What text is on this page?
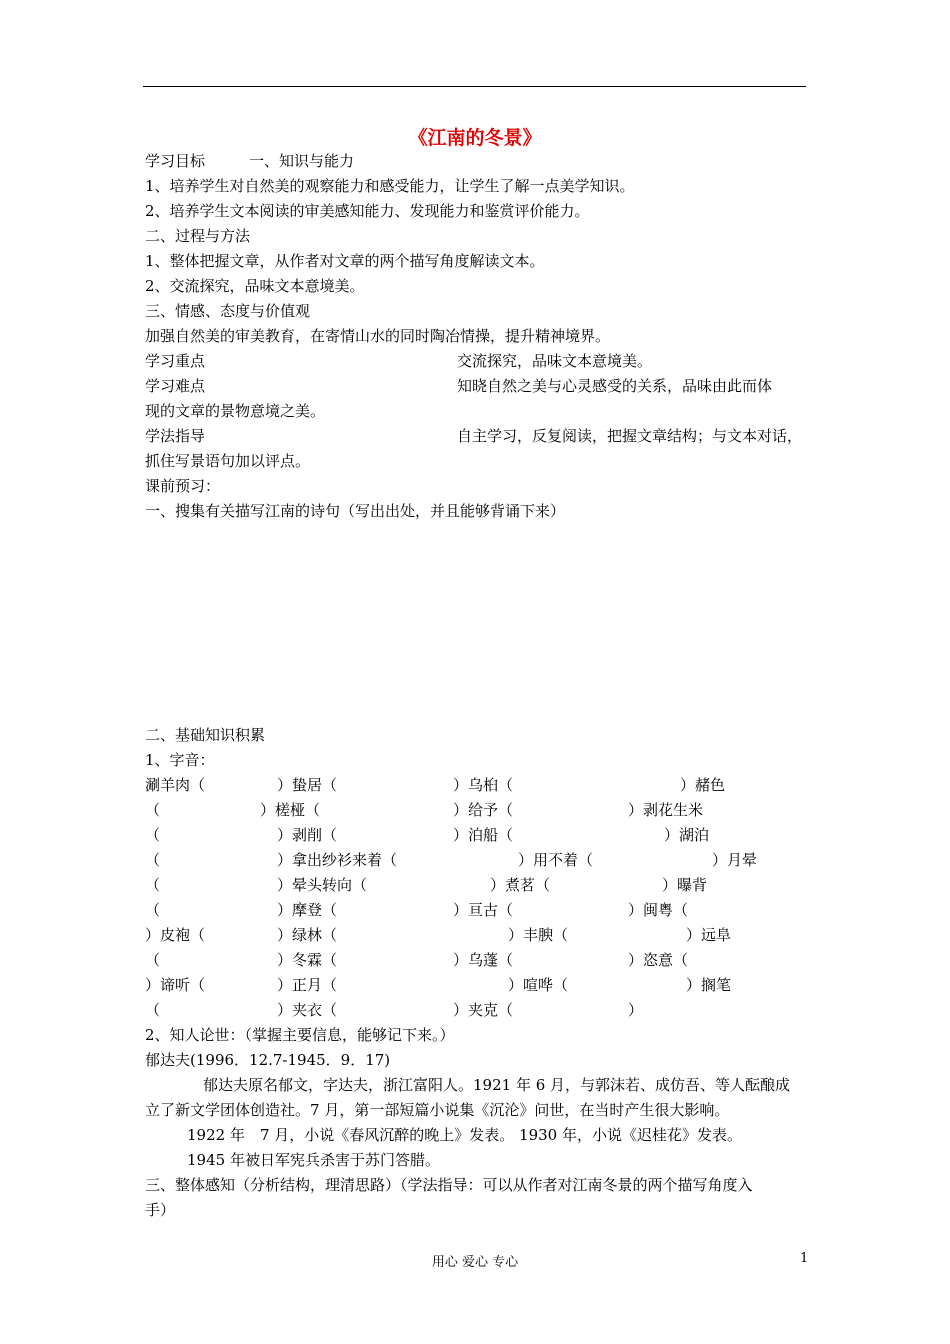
《江南的冬景》
学习目标	一、知识与能力
1、培养学生对自然美的观察能力和感受能力，让学生了解一点美学知识。
2、培养学生文本阅读的审美感知能力、发现能力和鉴赏评价能力。
二、过程与方法
1、整体把握文章，从作者对文章的两个描写角度解读文本。
2、交流探究，品味文本意境美。
三、情感、态度与价值观
加强自然美的审美教育，在寄情山水的同时陶冶情操，提升精神境界。
学习重点	交流探究，品味文本意境美。
学习难点	知晓自然之美与心灵感受的关系，品味由此而体
现的文章的景物意境之美。
学法指导	自主学习，反复阅读，把握文章结构；与文本对话，
抓住写景语句加以评点。
课前预习：
一、搜集有关描写江南的诗句（写出出处，并且能够背诵下来）
二、基础知识积累
1、字音：
涮羊肉（	）蛰居（	）乌桕（	）赭色
（	）槎桠（	）给予（	）剥花生米
（	）剥削（	）泊船（	）湖泊
（	）拿出纱衫来着（	）用不着（	）月晕
（	）晕头转向（	）煮茗（	）曝背
（	）摩登（	）亘古（	）闽粤（
）皮袍（	）绿林（	）丰腴（	）远阜
（	）冬霖（	）乌蓬（	）恣意（
）谛听（	）正月（	）喧哗（	）搁笔
（	）夹衣（	）夹克（	）
2、知人论世：（掌握主要信息，能够记下来。）
郁达夫(1996．12.7-1945．9．17)
郁达夫原名郁文，字达夫，浙江富阳人。1921 年 6 月，与郭沫若、成仿吾、等人酝酿成
立了新文学团体创造社。7 月，第一部短篇小说集《沉沦》问世，在当时产生很大影响。
1922 年　7 月，小说《春风沉醉的晚上》发表。 1930 年，小说《迟桂花》发表。
1945 年被日军宪兵杀害于苏门答腊。
三、整体感知（分析结构，理清思路）（学法指导：可以从作者对江南冬景的两个描写角度入
手）
用心 爱心 专心	1
